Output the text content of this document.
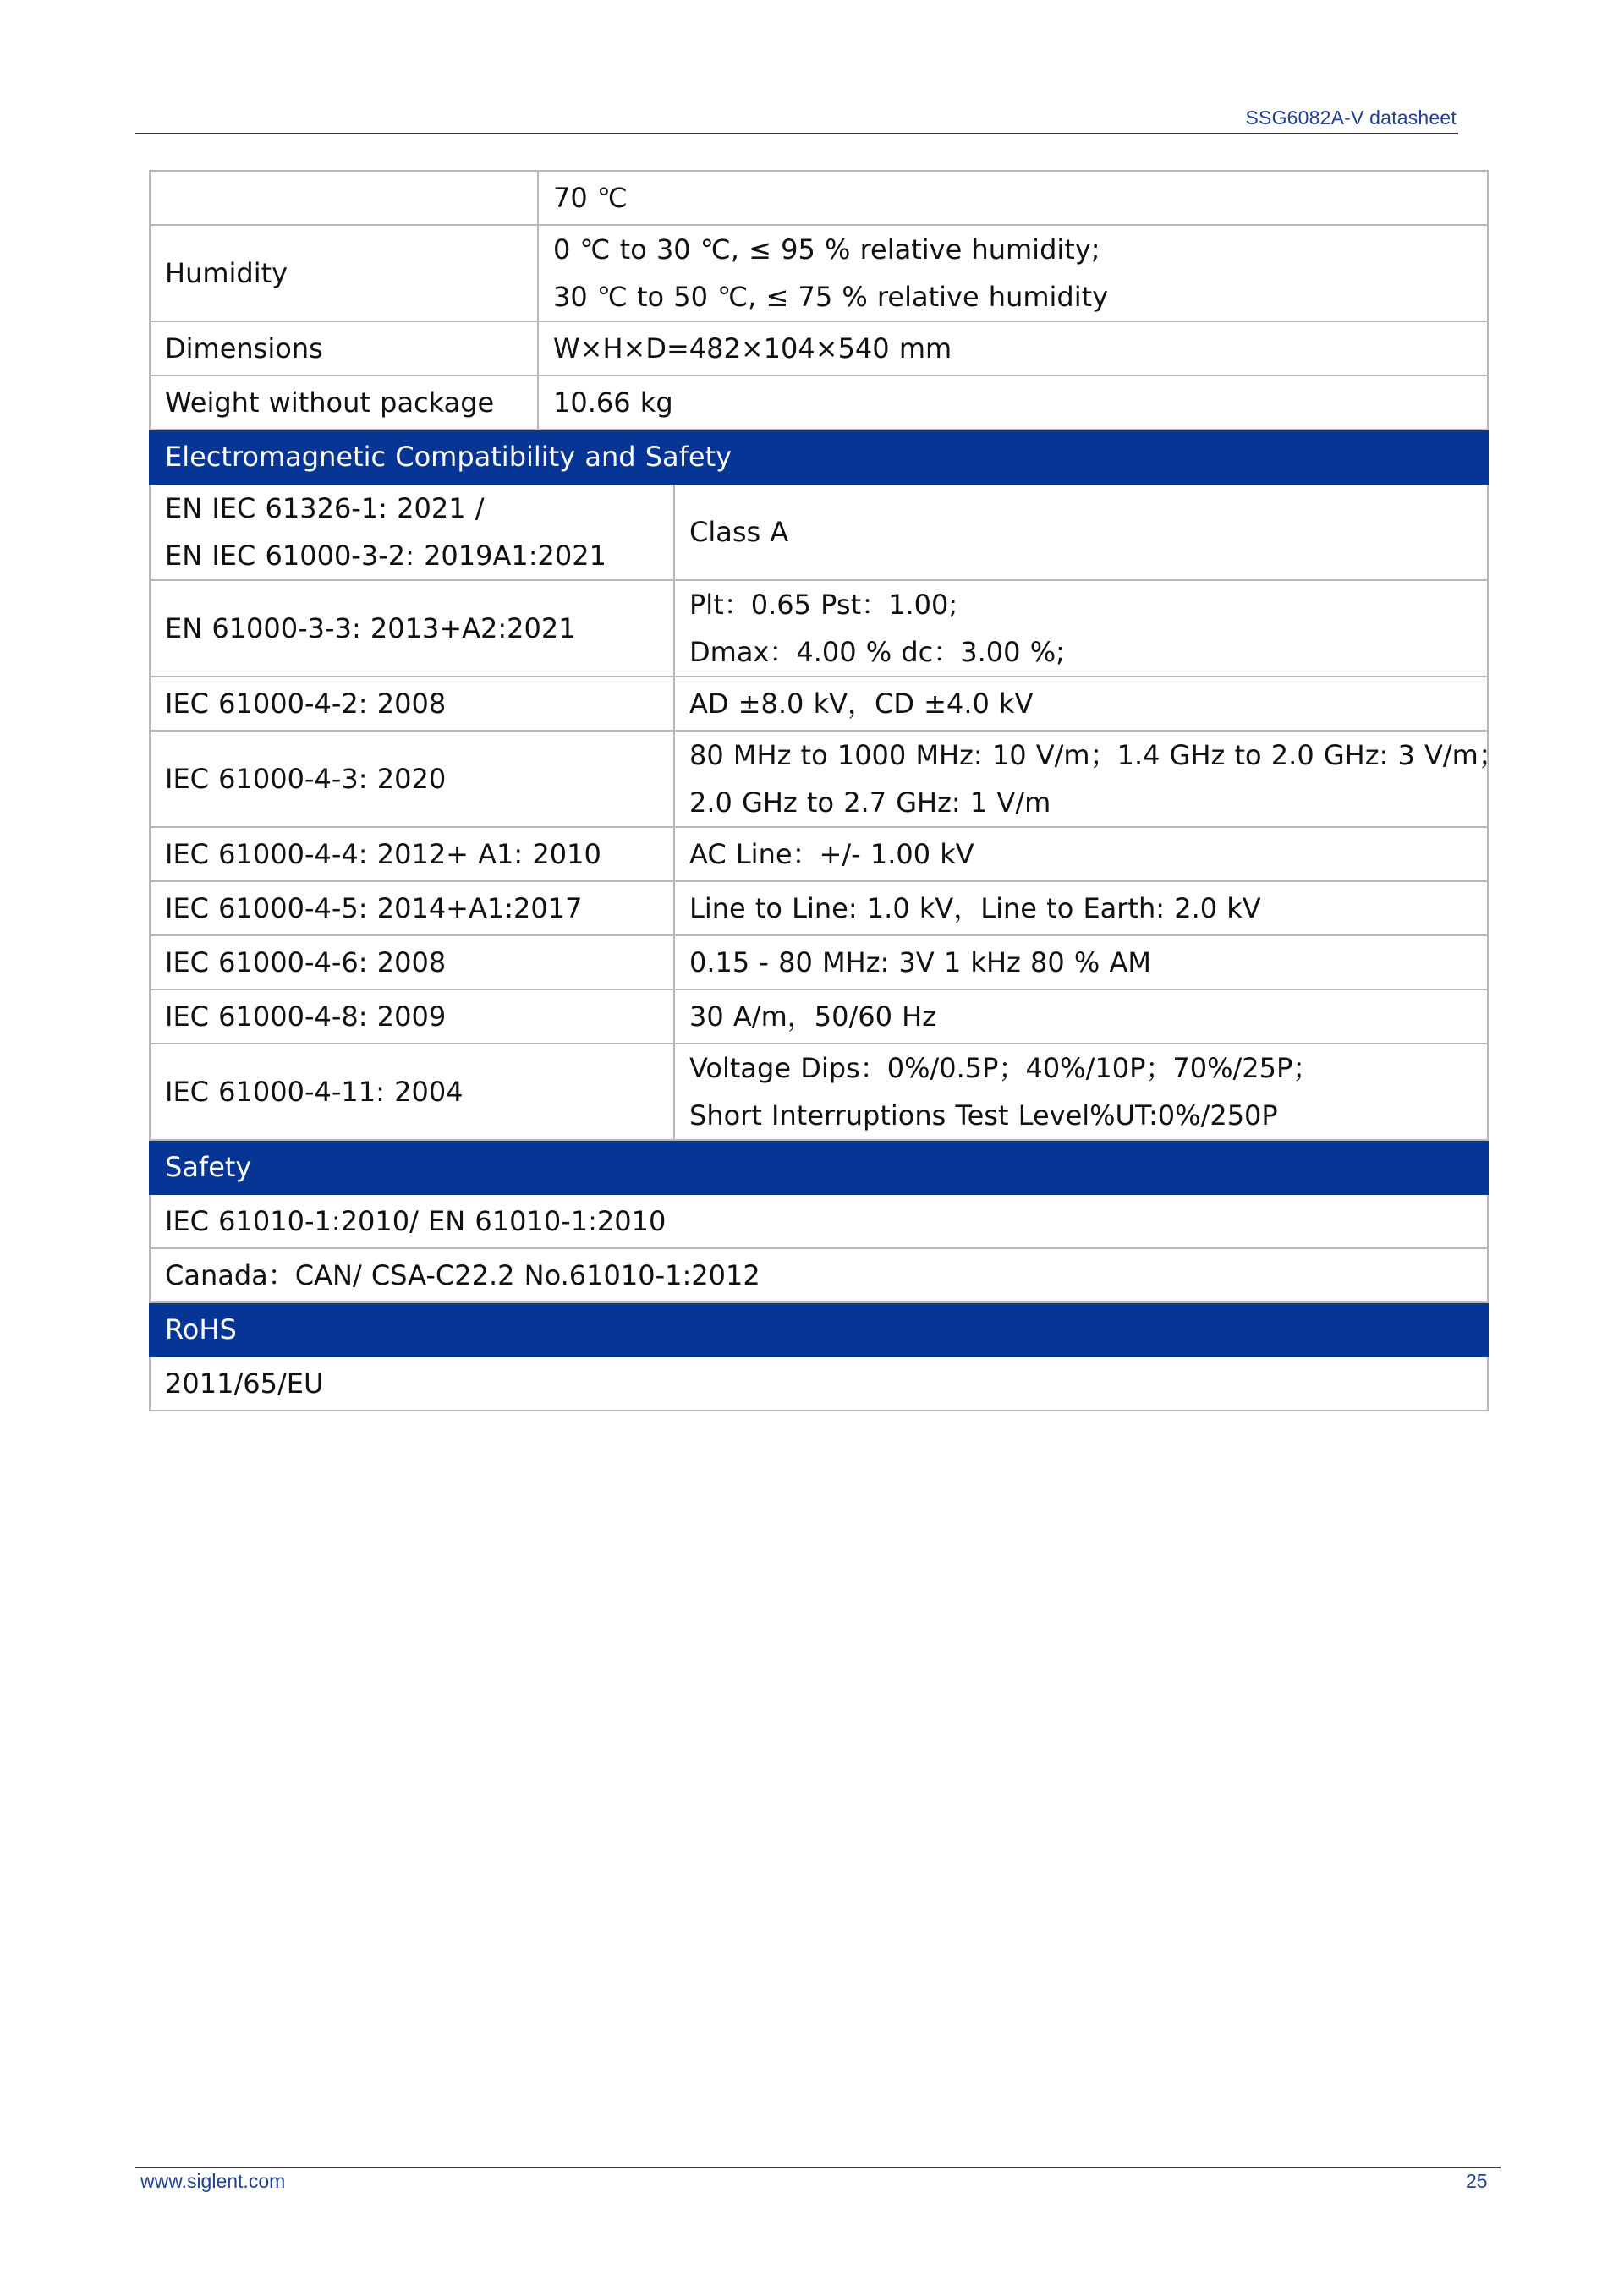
SSG6082A-V datasheet
	70 ℃	
Humidity	0 ℃ to 30 ℃, ≤ 95 % relative humidity;
30 ℃ to 50 ℃, ≤ 75 % relative humidity	

Dimensions	W×H×D=482×104×540 mm	
Weight without package	10.66 kg	
Electromagnetic Compatibility and Safety		

EN IEC 61326-1: 2021 /
EN IEC 61000-3-2: 2019A1:2021		Class A
EN 61000-3-3: 2013+A2:2021		Plt：0.65 Pst：1.00;
Dmax：4.00 % dc：3.00 %;

IEC 61000-4-2: 2008		AD ±8.0 kV，CD ±4.0 kV
IEC 61000-4-3: 2020		80 MHz to 1000 MHz: 10 V/m；1.4 GHz to 2.0 GHz: 3 V/m；
2.0 GHz to 2.7 GHz: 1 V/m

IEC 61000-4-4: 2012+ A1: 2010		AC Line：+/- 1.00 kV
IEC 61000-4-5: 2014+A1:2017		Line to Line: 1.0 kV，Line to Earth: 2.0 kV
IEC 61000-4-6: 2008		0.15 - 80 MHz: 3V 1 kHz 80 % AM
IEC 61000-4-8: 2009		30 A/m，50/60 Hz
IEC 61000-4-11: 2004		Voltage Dips：0%/0.5P；40%/10P；70%/25P；
Short Interruptions Test Level%UT:0%/250P

Safety		
IEC 61010-1:2010/ EN 61010-1:2010		
Canada：CAN/ CSA-C22.2 No.61010-1:2012		
RoHS		
2011/65/EU		
www.siglent.com	25
